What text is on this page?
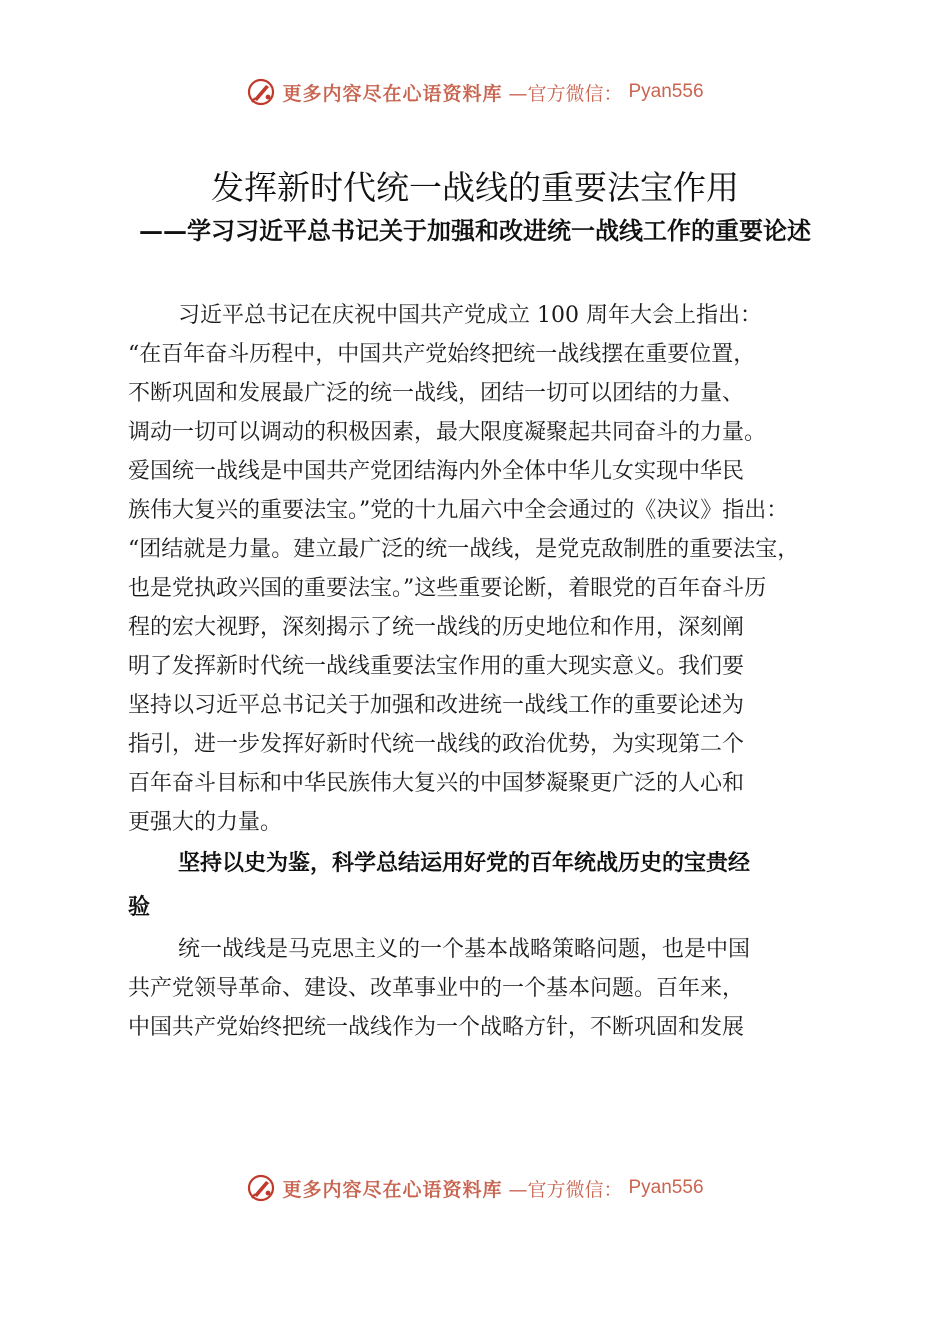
更多内容尽在心语资料库 —官方微信： Pyan556
发挥新时代统一战线的重要法宝作用
——学习习近平总书记关于加强和改进统一战线工作的重要论述

习近平总书记在庆祝中国共产党成立 100 周年大会上指出：
“在百年奋斗历程中，中国共产党始终把统一战线摆在重要位置，
不断巩固和发展最广泛的统一战线，团结一切可以团结的力量、
调动一切可以调动的积极因素，最大限度凝聚起共同奋斗的力量。
爱国统一战线是中国共产党团结海内外全体中华儿女实现中华民
族伟大复兴的重要法宝。”党的十九届六中全会通过的《决议》指出：
“团结就是力量。建立最广泛的统一战线，是党克敌制胜的重要法宝，
也是党执政兴国的重要法宝。”这些重要论断，着眼党的百年奋斗历
程的宏大视野，深刻揭示了统一战线的历史地位和作用，深刻阐
明了发挥新时代统一战线重要法宝作用的重大现实意义。我们要
坚持以习近平总书记关于加强和改进统一战线工作的重要论述为
指引，进一步发挥好新时代统一战线的政治优势，为实现第二个
百年奋斗目标和中华民族伟大复兴的中国梦凝聚更广泛的人心和
更强大的力量。

坚持以史为鉴，科学总结运用好党的百年统战历史的宝贵经
验

统一战线是马克思主义的一个基本战略策略问题，也是中国
共产党领导革命、建设、改革事业中的一个基本问题。百年来，
中国共产党始终把统一战线作为一个战略方针，不断巩固和发展

更多内容尽在心语资料库 —官方微信： Pyan556
